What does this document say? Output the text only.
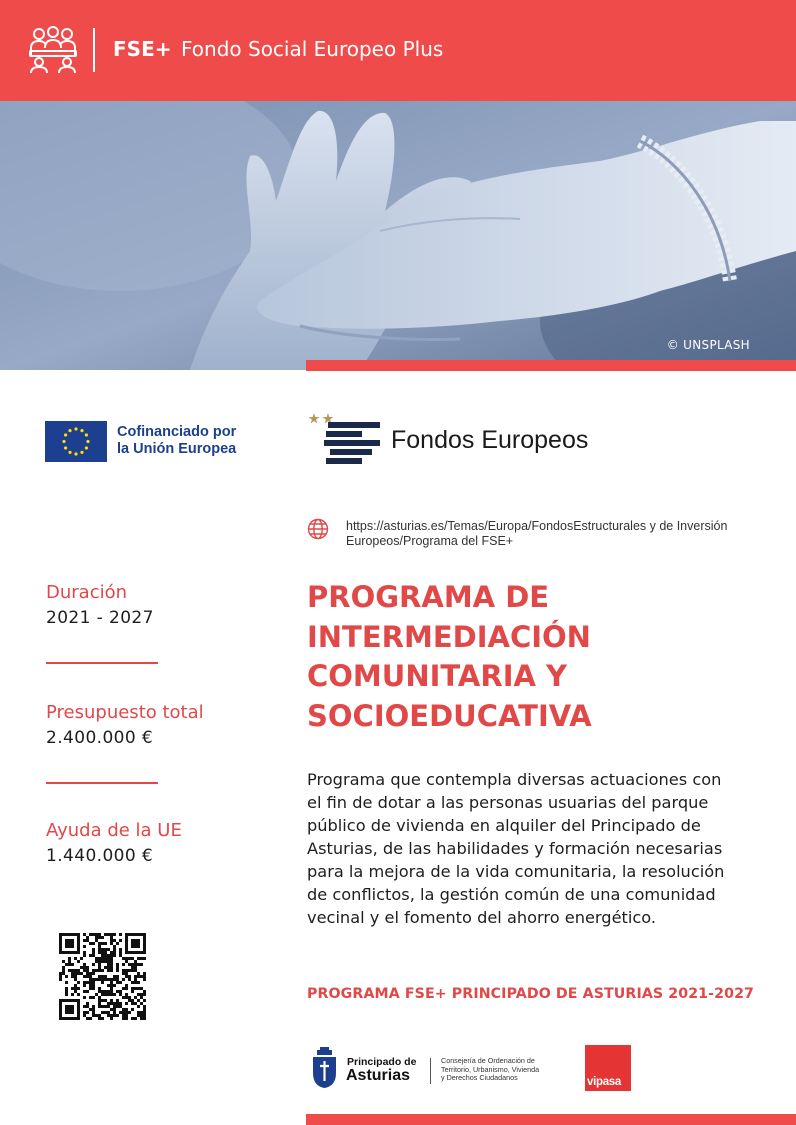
FSE+ Fondo Social Europeo Plus
© UNSPLASH
Cofinanciado por
la Unión Europea	Fondos Europeos
https://asturias.es/Temas/Europa/FondosEstructurales y de Inversión Europeos/Programa del FSE+
Duración
2021 - 2027
Presupuesto total
2.400.000 €
Ayuda de la UE
1.440.000 €
PROGRAMA DE
INTERMEDIACIÓN
COMUNITARIA Y
SOCIOEDUCATIVA
Programa que contempla diversas actuaciones con
el fin de dotar a las personas usuarias del parque
público de vivienda en alquiler del Principado de
Asturias, de las habilidades y formación necesarias
para la mejora de la vida comunitaria, la resolución
de conflictos, la gestión común de una comunidad
vecinal y el fomento del ahorro energético.
PROGRAMA FSE+ PRINCIPADO DE ASTURIAS 2021-2027
Principado de
Asturias
Consejería de Ordenación de
Territorio, Urbanismo, Vivienda
y Derechos Ciudadanos	vipasa
